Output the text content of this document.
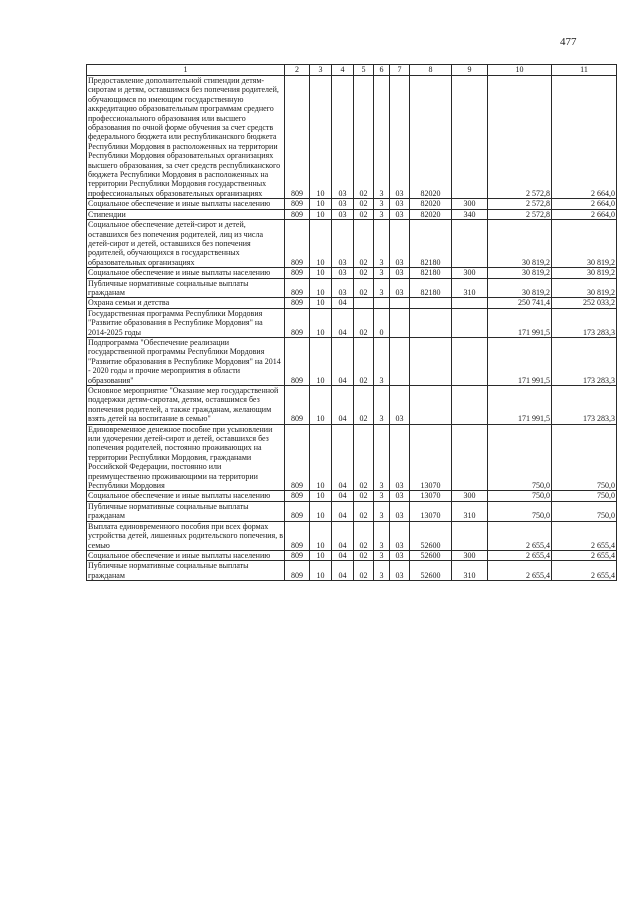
477
1	2	3	4	5	6	7	8	9	10	11
Предоставление дополнительной стипендии детям-сиротам и детям, оставшимся без попечения родителей, обучающимся по имеющим государственную аккредитацию образовательным программам среднего профессионального образования или высшего образования по очной форме обучения за счет средств федерального бюджета или республиканского бюджета Республики Мордовия в расположенных на территории Республики Мордовия образовательных организациях высшего образования, за счет средств республиканского бюджета Республики Мордовия в расположенных на территории Республики Мордовия государственных профессиональных образовательных организациях	809	10	03	02	3	03	82020		2 572,8	2 664,0
Социальное обеспечение и иные выплаты населению	809	10	03	02	3	03	82020	300	2 572,8	2 664,0
Стипендии	809	10	03	02	3	03	82020	340	2 572,8	2 664,0
Социальное обеспечение детей-сирот и детей, оставшихся без попечения родителей, лиц из числа детей-сирот и детей, оставшихся без попечения родителей, обучающихся в государственных образовательных организациях	809	10	03	02	3	03	82180		30 819,2	30 819,2
Социальное обеспечение и иные выплаты населению	809	10	03	02	3	03	82180	300	30 819,2	30 819,2
Публичные нормативные социальные выплаты гражданам	809	10	03	02	3	03	82180	310	30 819,2	30 819,2
Охрана семьи и детства	809	10	04						250 741,4	252 033,2
Государственная программа Республики Мордовия "Развитие образования в Республике Мордовия" на 2014-2025 годы	809	10	04	02	0				171 991,5	173 283,3
Подпрограмма "Обеспечение реализации государственной программы Республики Мордовия "Развитие образования в Республике Мордовия" на 2014 - 2020 годы и прочие мероприятия в области образования"	809	10	04	02	3				171 991,5	173 283,3
Основное мероприятие "Оказание мер государственной поддержки детям-сиротам, детям, оставшимся без попечения родителей, а также гражданам, желающим взять детей на воспитание в семью"	809	10	04	02	3	03			171 991,5	173 283,3
Единовременное денежное пособие при усыновлении или удочерении детей-сирот и детей, оставшихся без попечения родителей, постоянно проживающих на территории Республики Мордовия, гражданами Российской Федерации, постоянно или преимущественно проживающими на территории Республики Мордовия	809	10	04	02	3	03	13070		750,0	750,0
Социальное обеспечение и иные выплаты населению	809	10	04	02	3	03	13070	300	750,0	750,0
Публичные нормативные социальные выплаты гражданам	809	10	04	02	3	03	13070	310	750,0	750,0
Выплата единовременного пособия при всех формах устройства детей, лишенных родительского попечения, в семью	809	10	04	02	3	03	52600		2 655,4	2 655,4
Социальное обеспечение и иные выплаты населению	809	10	04	02	3	03	52600	300	2 655,4	2 655,4
Публичные нормативные социальные выплаты гражданам	809	10	04	02	3	03	52600	310	2 655,4	2 655,4
